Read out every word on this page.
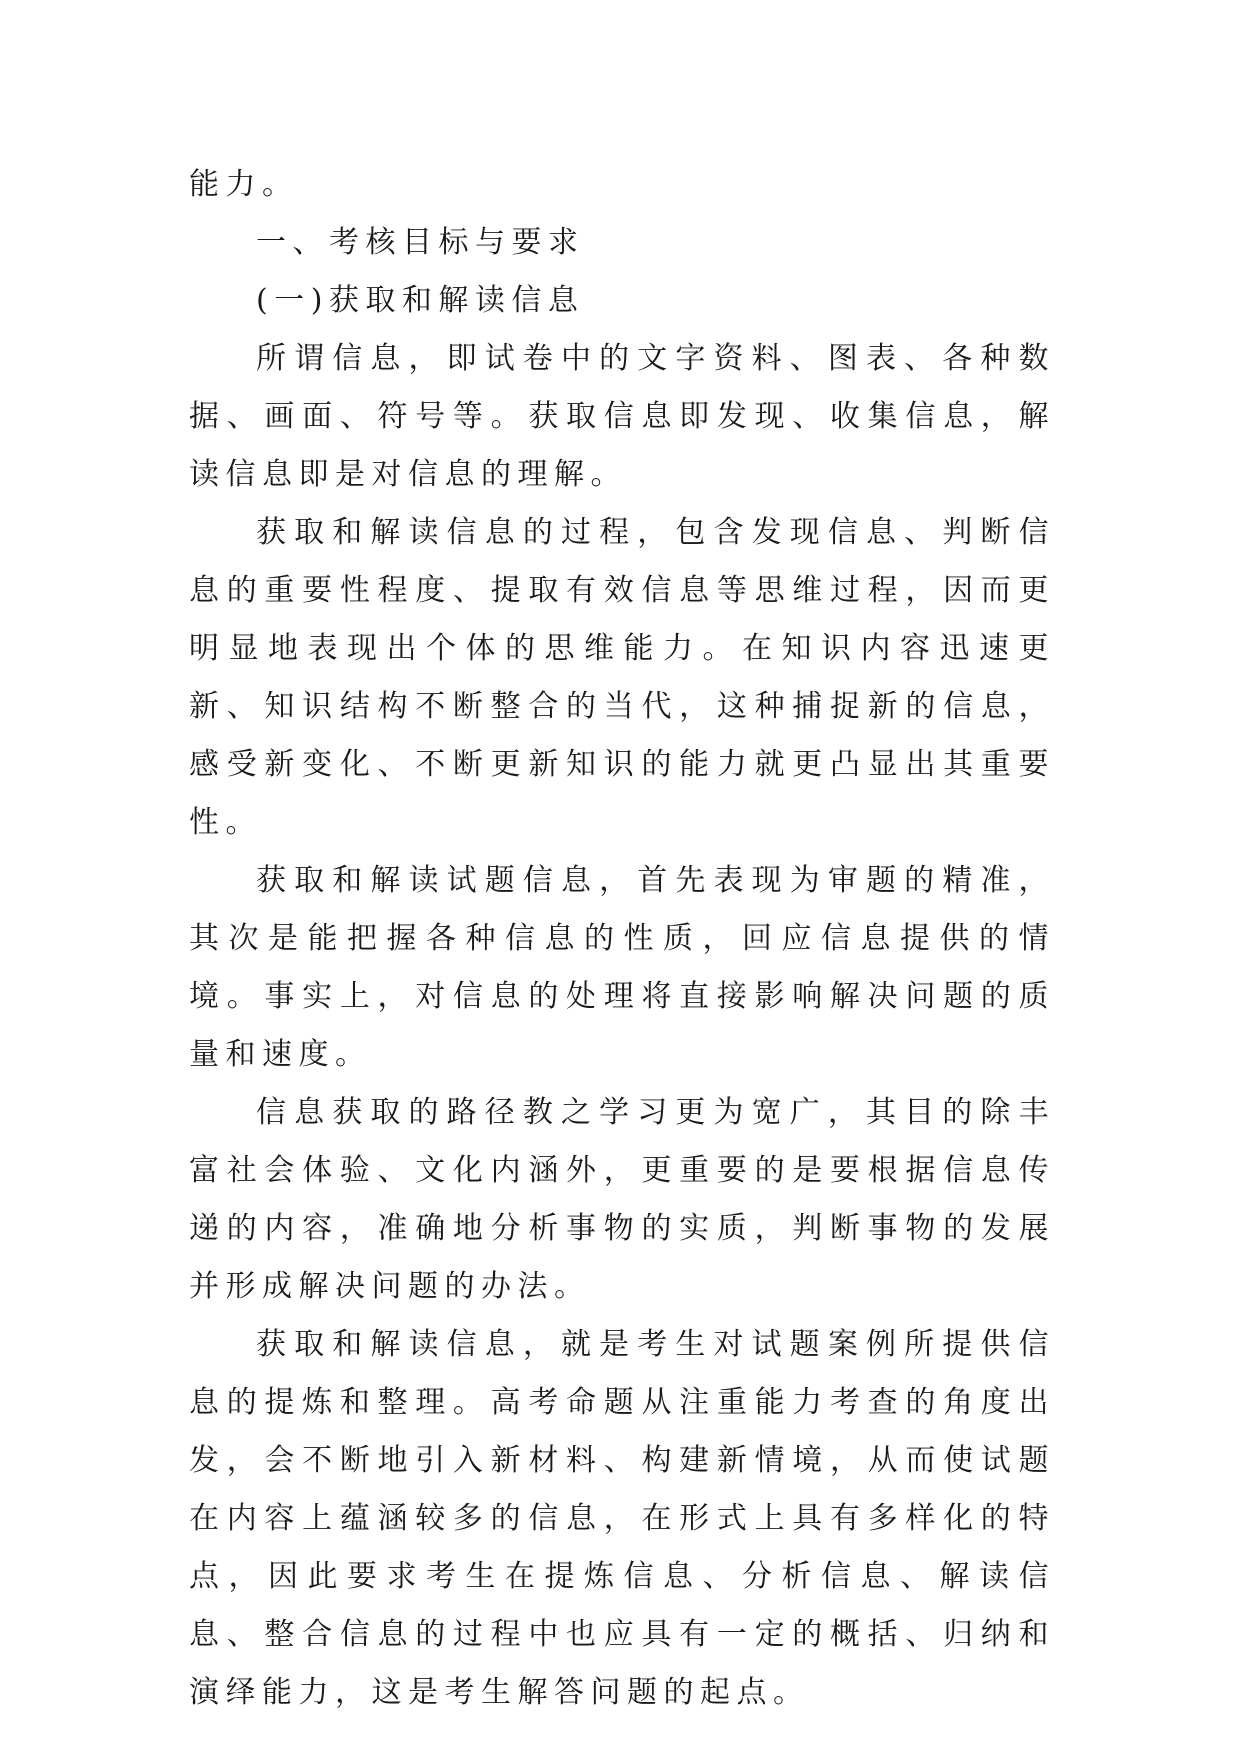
能力。

一、考核目标与要求

(一)获取和解读信息

所谓信息，即试卷中的文字资料、图表、各种数据、画面、符号等。获取信息即发现、收集信息，解读信息即是对信息的理解。

获取和解读信息的过程，包含发现信息、判断信息的重要性程度、提取有效信息等思维过程，因而更明显地表现出个体的思维能力。在知识内容迅速更新、知识结构不断整合的当代，这种捕捉新的信息，感受新变化、不断更新知识的能力就更凸显出其重要性。

获取和解读试题信息，首先表现为审题的精准，其次是能把握各种信息的性质，回应信息提供的情境。事实上，对信息的处理将直接影响解决问题的质量和速度。

信息获取的路径教之学习更为宽广，其目的除丰富社会体验、文化内涵外，更重要的是要根据信息传递的内容，准确地分析事物的实质，判断事物的发展并形成解决问题的办法。

获取和解读信息，就是考生对试题案例所提供信息的提炼和整理。高考命题从注重能力考查的角度出发，会不断地引入新材料、构建新情境，从而使试题在内容上蕴涵较多的信息，在形式上具有多样化的特点，因此要求考生在提炼信息、分析信息、解读信息、整合信息的过程中也应具有一定的概括、归纳和演绎能力，这是考生解答问题的起点。
